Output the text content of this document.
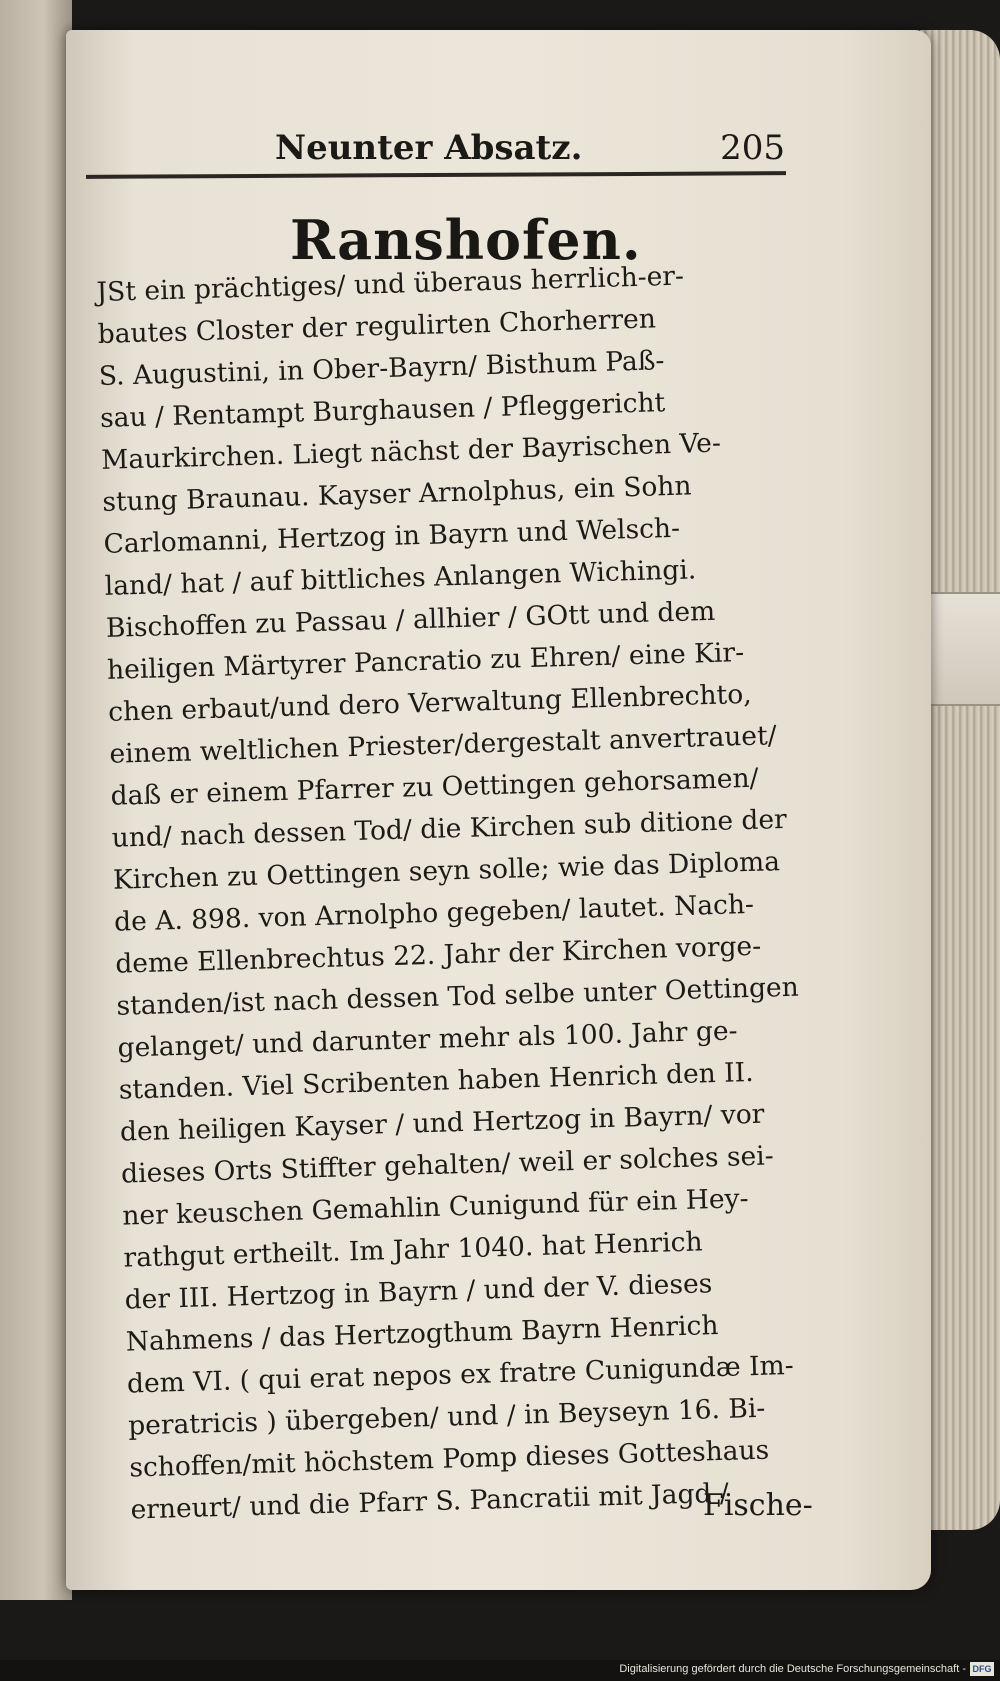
Neunter Absatz.	205
Ranshofen.

JSt ein prächtiges/ und überaus herrlich-er-
bautes Closter der regulirten Chorherren
S. Augustini, in Ober-Bayrn/ Bisthum Paß-
sau / Rentampt Burghausen / Pfleggericht
Maurkirchen. Liegt nächst der Bayrischen Ve-
stung Braunau. Kayser Arnolphus, ein Sohn
Carlomanni, Hertzog in Bayrn und Welsch-
land/ hat / auf bittliches Anlangen Wichingi.
Bischoffen zu Passau / allhier / GOtt und dem
heiligen Märtyrer Pancratio zu Ehren/ eine Kir-
chen erbaut/und dero Verwaltung Ellenbrechto,
einem weltlichen Priester/dergestalt anvertrauet/
daß er einem Pfarrer zu Oettingen gehorsamen/
und/ nach dessen Tod/ die Kirchen sub ditione der
Kirchen zu Oettingen seyn solle; wie das Diploma
de A. 898. von Arnolpho gegeben/ lautet. Nach-
deme Ellenbrechtus 22. Jahr der Kirchen vorge-
standen/ist nach dessen Tod selbe unter Oettingen
gelanget/ und darunter mehr als 100. Jahr ge-
standen. Viel Scribenten haben Henrich den II.
den heiligen Kayser / und Hertzog in Bayrn/ vor
dieses Orts Stiffter gehalten/ weil er solches sei-
ner keuschen Gemahlin Cunigund für ein Hey-
rathgut ertheilt. Im Jahr 1040. hat Henrich
der III. Hertzog in Bayrn / und der V. dieses
Nahmens / das Hertzogthum Bayrn Henrich
dem VI. ( qui erat nepos ex fratre Cunigundæ Im-
peratricis ) übergeben/ und / in Beyseyn 16. Bi-
schoffen/mit höchstem Pomp dieses Gotteshaus
erneurt/ und die Pfarr S. Pancratii mit Jagd /

Fische-
Digitalisierung gefördert durch die Deutsche Forschungsgemeinschaft - DFG
